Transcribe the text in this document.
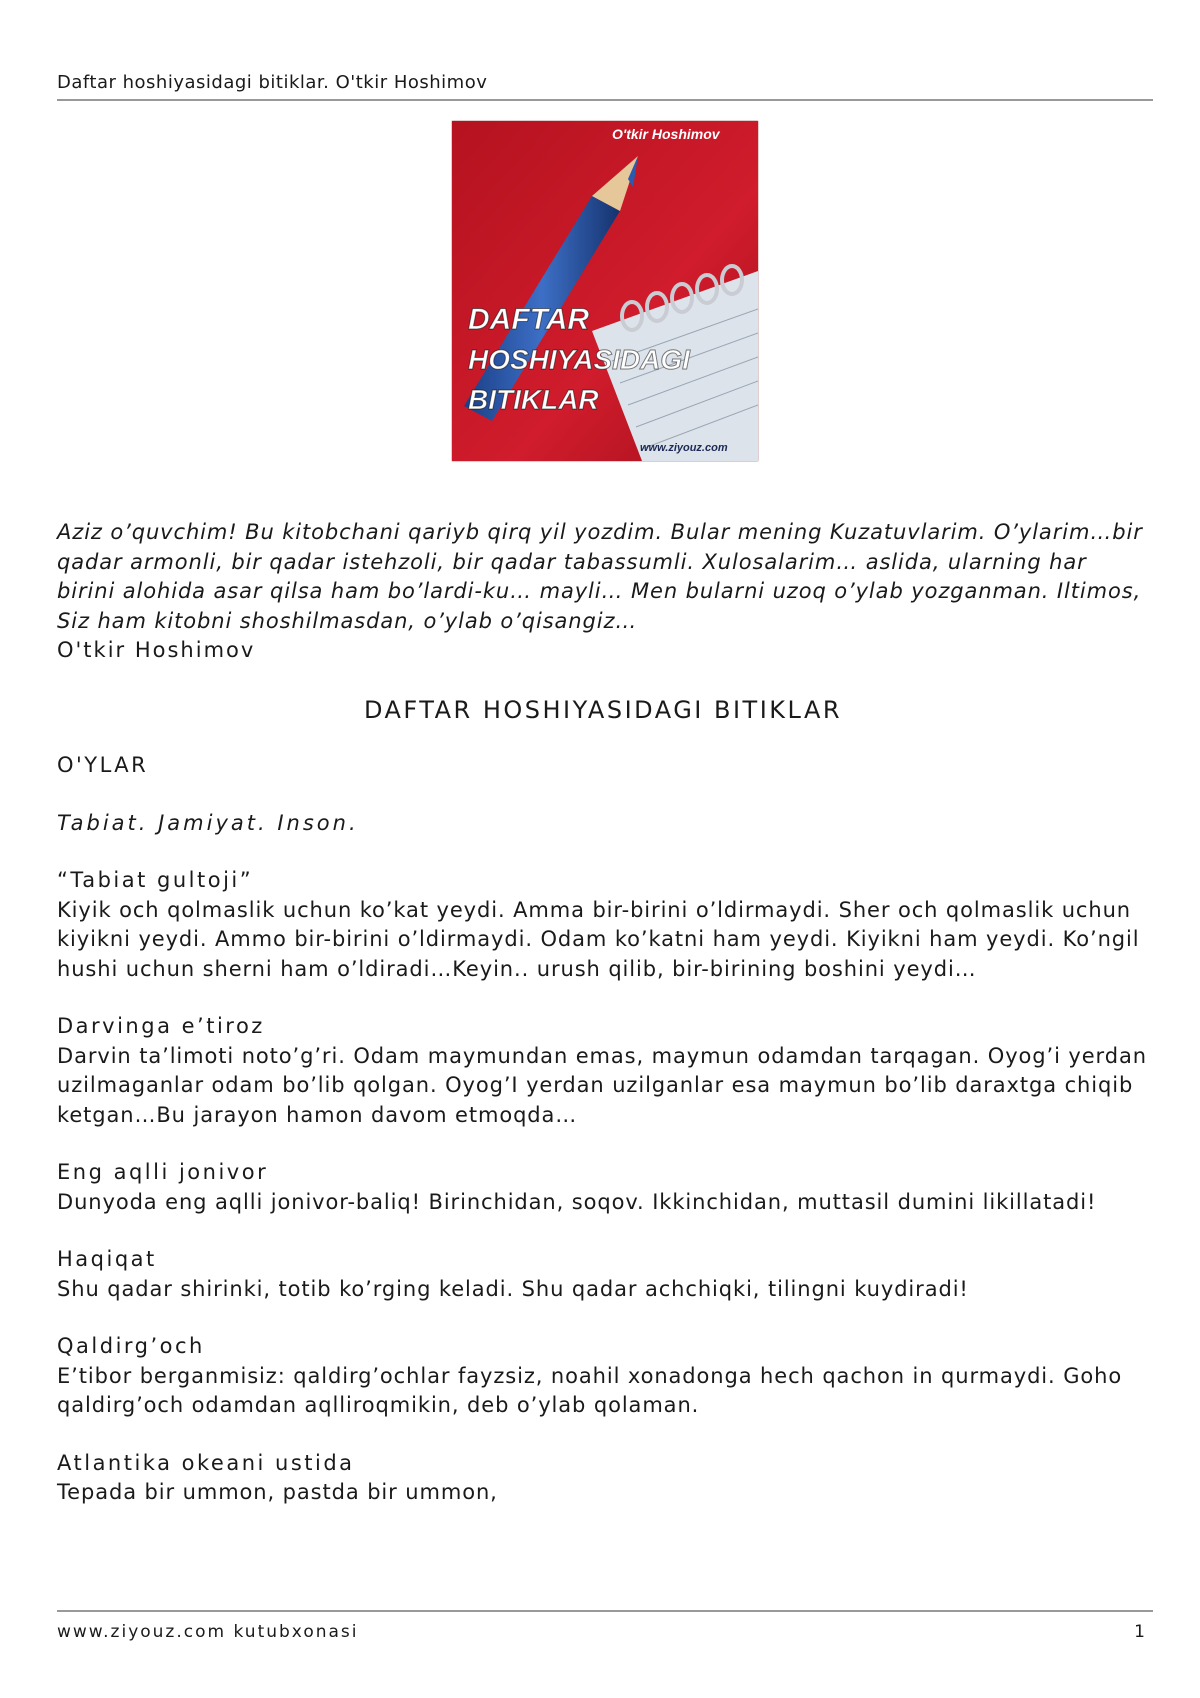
Daftar hoshiyasidagi bitiklar. O'tkir Hoshimov
O'tkir Hoshimov
DAFTAR
HOSHIYASIDAGI
BITIKLAR
www.ziyouz.com

Aziz o’quvchim! Bu kitobchani qariyb qirq yil yozdim. Bular mening Kuzatuvlarim. O’ylarim…bir qadar armonli, bir qadar istehzoli, bir qadar tabassumli. Xulosalarim… aslida, ularning har birini alohida asar qilsa ham bo’lardi-ku… mayli… Men bularni uzoq o’ylab yozganman. Iltimos, Siz ham kitobni shoshilmasdan, o’ylab o’qisangiz…

O'tkir Hoshimov

DAFTAR HOSHIYASIDAGI BITIKLAR

O'YLAR

Tabiat. Jamiyat. Inson.

“Tabiat gultoji”

Kiyik och qolmaslik uchun ko’kat yeydi. Amma bir-birini o’ldirmaydi. Sher och qolmaslik uchun kiyikni yeydi. Ammo bir-birini o’ldirmaydi. Odam ko’katni ham yeydi. Kiyikni ham yeydi. Ko’ngil hushi uchun sherni ham o’ldiradi…Keyin.. urush qilib, bir-birining boshini yeydi…

Darvinga e’tiroz

Darvin ta’limoti noto’g’ri. Odam maymundan emas, maymun odamdan tarqagan. Oyog’i yerdan uzilmaganlar odam bo’lib qolgan. Oyog’I yerdan uzilganlar esa maymun bo’lib daraxtga chiqib ketgan…Bu jarayon hamon davom etmoqda…

Eng aqlli jonivor

Dunyoda eng aqlli jonivor-baliq! Birinchidan, soqov. Ikkinchidan, muttasil dumini likillatadi!

Haqiqat

Shu qadar shirinki, totib ko’rging keladi. Shu qadar achchiqki, tilingni kuydiradi!

Qaldirg’och

E’tibor berganmisiz: qaldirg’ochlar fayzsiz, noahil xonadonga hech qachon in qurmaydi. Goho qaldirg’och odamdan aqlliroqmikin, deb o’ylab qolaman.

Atlantika okeani ustida

Tepada bir ummon, pastda bir ummon,

www.ziyouz.com kutubxonasi	1
